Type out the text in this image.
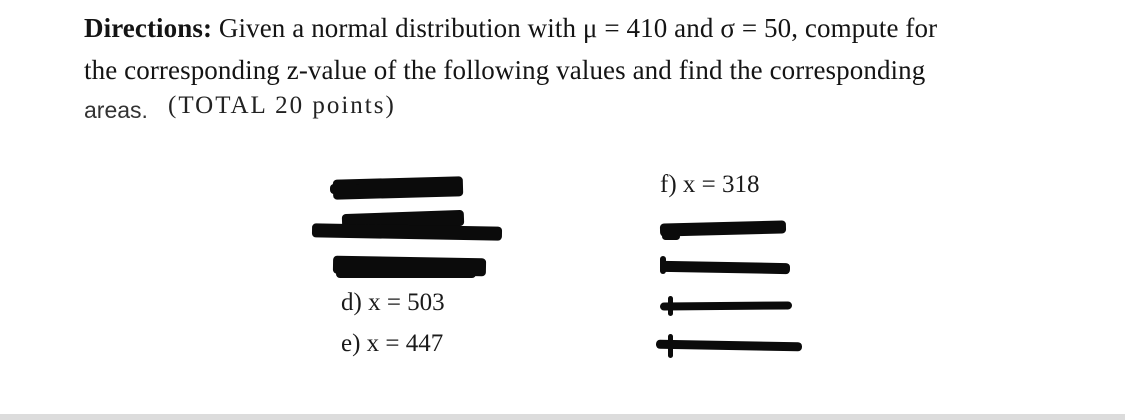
Directions: Given a normal distribution with μ = 410 and σ = 50, compute for
the corresponding z-value of the following values and find the corresponding
areas. (TOTAL 20 points)
d) x = 503
e) x = 447
f) x = 318
